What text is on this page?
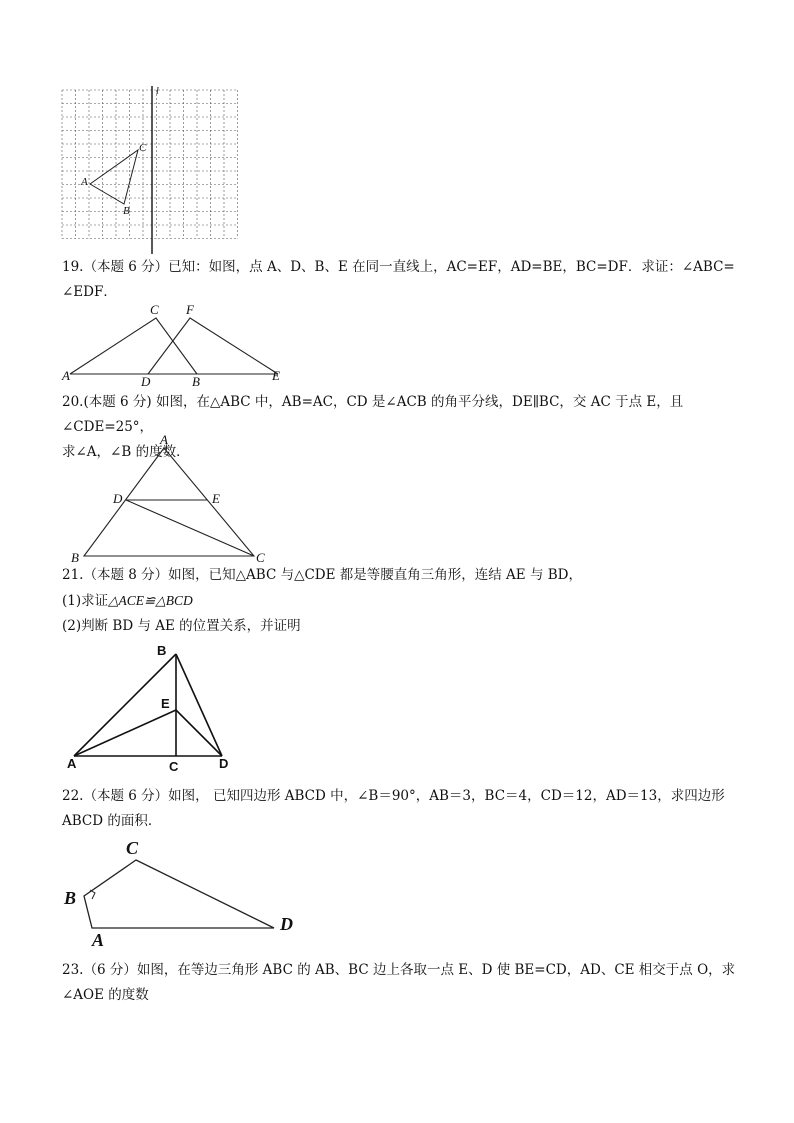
l
A
B
C

19.（本题 6 分）已知：如图，点 A、D、B、E 在同一直线上，AC=EF，AD=BE，BC=DF．求证：∠ABC=

∠EDF．

A
C F
D	B	E

20.(本题 6 分) 如图，在△ABC 中，AB=AC，CD 是∠ACB 的角平分线，DE∥BC，交 AC 于点 E，且∠CDE=25°，

求∠A，∠B 的度数．

A
D	E
B	C

21.（本题 8 分）如图，已知△ABC 与△CDE 都是等腰直角三角形，连结 AE 与 BD，

(1)求证△ACE≌△BCD

(2)判断 BD 与 AE 的位置关系，并证明

B
E
A	C	D

22.（本题 6 分）如图， 已知四边形 ABCD 中，∠B＝90°，AB＝3，BC＝4，CD＝12，AD＝13，求四边形

ABCD 的面积．

C
B
A
D

23.（6 分）如图，在等边三角形 ABC 的 AB、BC 边上各取一点 E、D 使 BE=CD，AD、CE 相交于点 O，求

∠AOE 的度数
